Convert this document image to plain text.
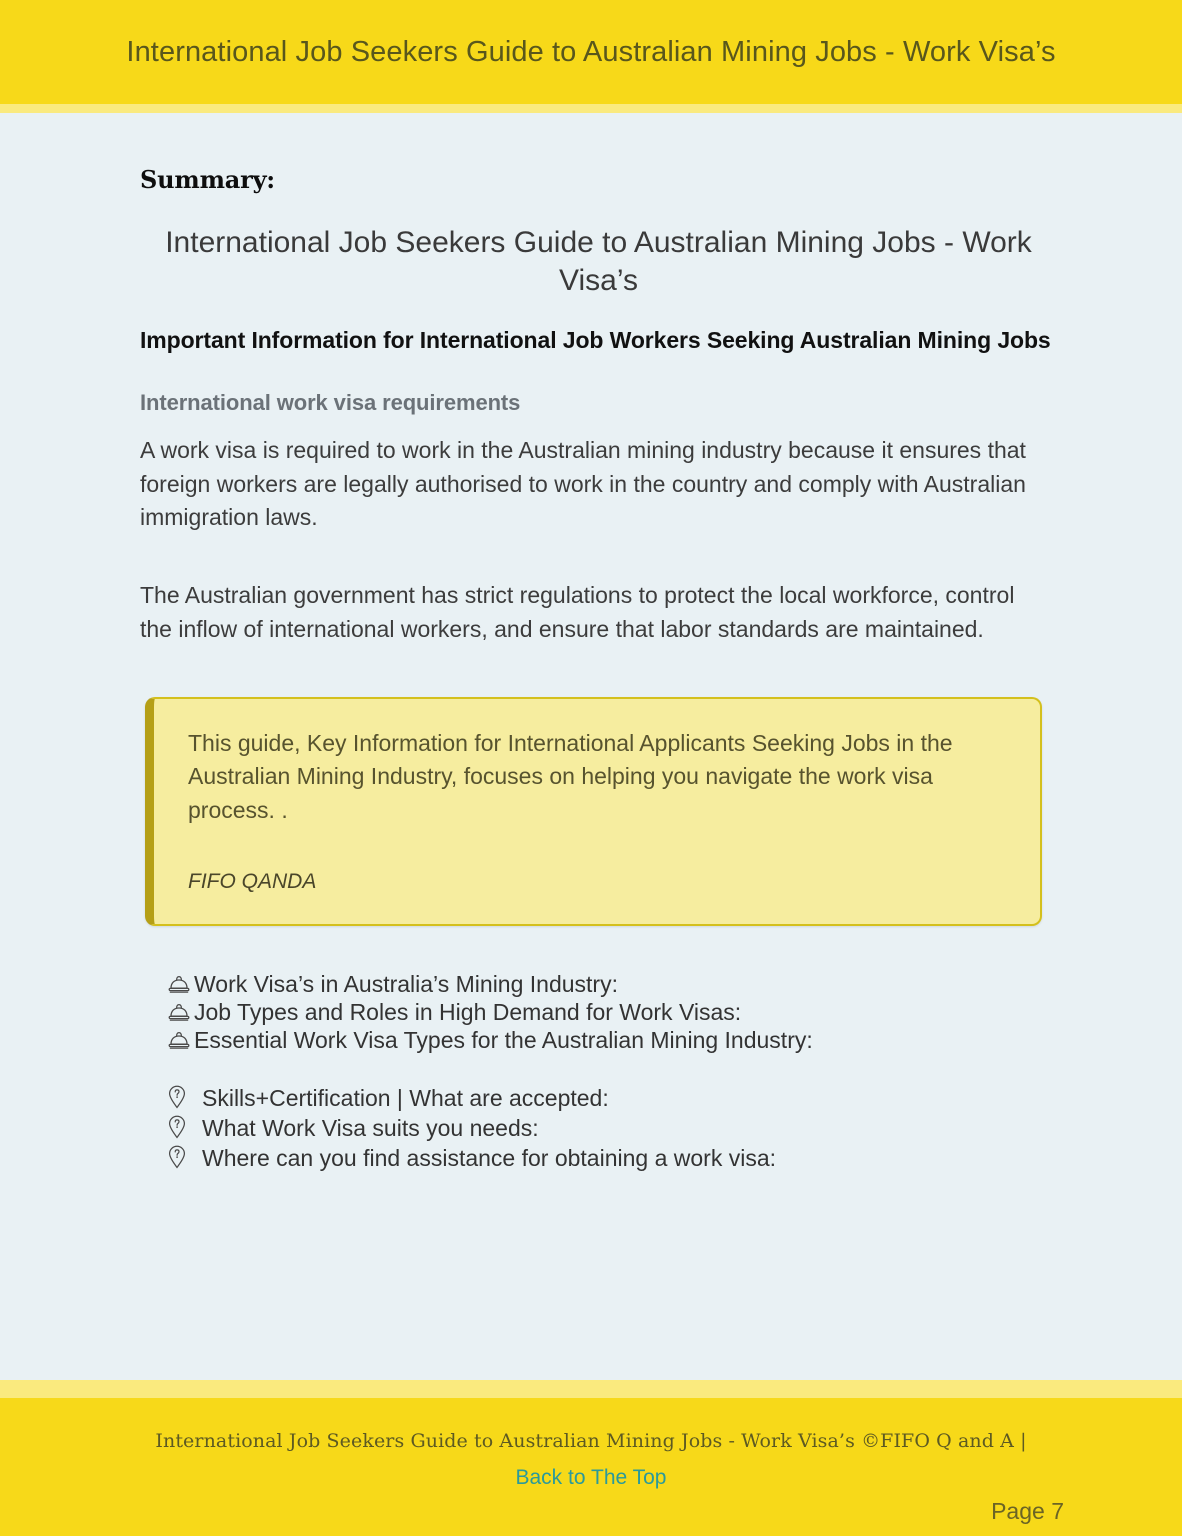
International Job Seekers Guide to Australian Mining Jobs - Work Visa’s
Summary:
International Job Seekers Guide to Australian Mining Jobs - Work Visa’s
Important Information for International Job Workers Seeking Australian Mining Jobs
International work visa requirements
A work visa is required to work in the Australian mining industry because it ensures that foreign workers are legally authorised to work in the country and comply with Australian immigration laws.
The Australian government has strict regulations to protect the local workforce, control the inflow of international workers, and ensure that labor standards are maintained.
This guide, Key Information for International Applicants Seeking Jobs in the Australian Mining Industry, focuses on helping you navigate the work visa process. .
FIFO QANDA
Work Visa’s in Australia’s Mining Industry:
Job Types and Roles in High Demand for Work Visas:
Essential Work Visa Types for the Australian Mining Industry:
Skills+Certification | What are accepted:
What Work Visa suits you needs:
Where can you find assistance for obtaining a work visa:
International Job Seekers Guide to Australian Mining Jobs - Work Visa’s ©FIFO Q and A |
Back to The Top
Page 7
